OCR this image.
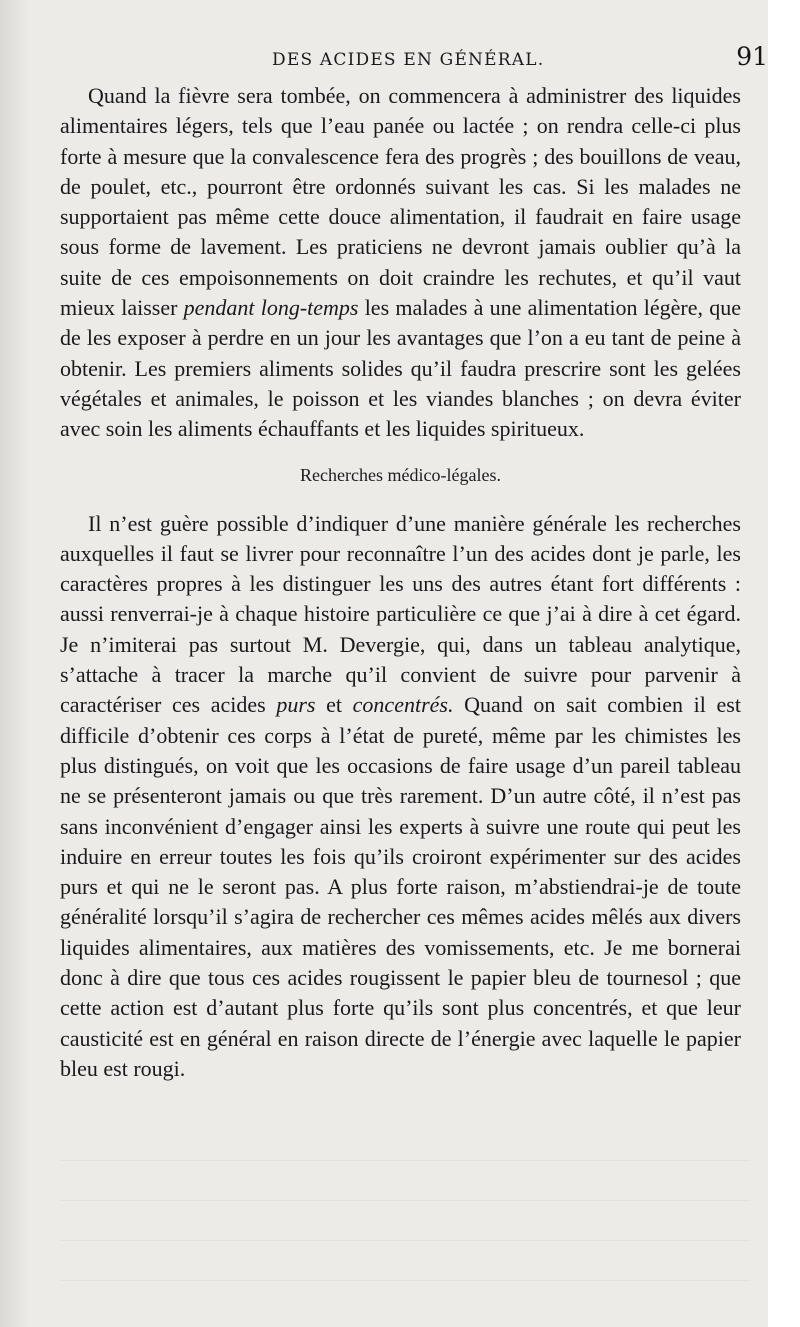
DES ACIDES EN GÉNÉRAL.	91

Quand la fièvre sera tombée, on commencera à administrer des liquides alimentaires légers, tels que l’eau panée ou lactée ; on rendra celle-ci plus forte à mesure que la convalescence fera des progrès ; des bouillons de veau, de poulet, etc., pourront être ordonnés suivant les cas. Si les malades ne supportaient pas même cette douce alimentation, il faudrait en faire usage sous forme de lavement. Les praticiens ne devront jamais oublier qu’à la suite de ces empoisonnements on doit craindre les rechutes, et qu’il vaut mieux laisser pendant long-temps les malades à une alimentation légère, que de les exposer à perdre en un jour les avantages que l’on a eu tant de peine à obtenir. Les premiers aliments solides qu’il faudra prescrire sont les gelées végétales et animales, le poisson et les viandes blanches ; on devra éviter avec soin les aliments échauffants et les liquides spiritueux.

Recherches médico-légales.

Il n’est guère possible d’indiquer d’une manière générale les recherches auxquelles il faut se livrer pour reconnaître l’un des acides dont je parle, les caractères propres à les distinguer les uns des autres étant fort différents : aussi renverrai-je à chaque histoire particulière ce que j’ai à dire à cet égard. Je n’imiterai pas surtout M. Devergie, qui, dans un tableau analytique, s’attache à tracer la marche qu’il convient de suivre pour parvenir à caractériser ces acides purs et concentrés. Quand on sait combien il est difficile d’obtenir ces corps à l’état de pureté, même par les chimistes les plus distingués, on voit que les occasions de faire usage d’un pareil tableau ne se présenteront jamais ou que très rarement. D’un autre côté, il n’est pas sans inconvénient d’engager ainsi les experts à suivre une route qui peut les induire en erreur toutes les fois qu’ils croiront expérimenter sur des acides purs et qui ne le seront pas. A plus forte raison, m’abstiendrai-je de toute généralité lorsqu’il s’agira de rechercher ces mêmes acides mêlés aux divers liquides alimentaires, aux matières des vomissements, etc. Je me bornerai donc à dire que tous ces acides rougissent le papier bleu de tournesol ; que cette action est d’autant plus forte qu’ils sont plus concentrés, et que leur causticité est en général en raison directe de l’énergie avec laquelle le papier bleu est rougi.
